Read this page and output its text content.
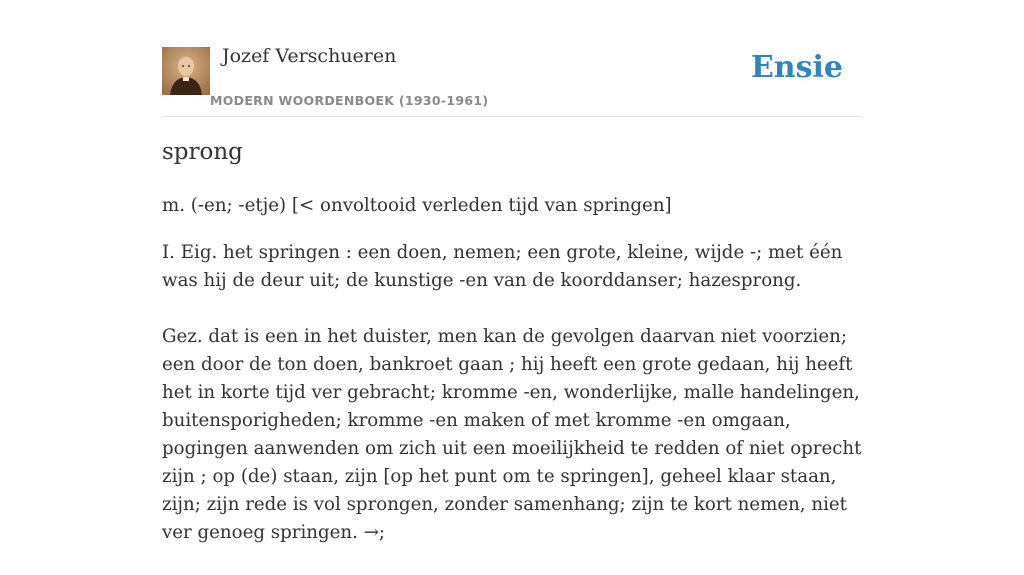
Jozef Verschueren
MODERN WOORDENBOEK (1930-1961)
Ensie
sprong
m. (-en; -etje) [< onvoltooid verleden tijd van springen]

I. Eig. het springen : een doen, nemen; een grote, kleine, wijde -; met één was hij de deur uit; de kunstige -en van de koorddanser; hazesprong.

Gez. dat is een in het duister, men kan de gevolgen daarvan niet voorzien; een door de ton doen, bankroet gaan ; hij heeft een grote gedaan, hij heeft het in korte tijd ver gebracht; kromme -en, wonderlijke, malle handelingen, buitensporigheden; kromme -en maken of met kromme -en omgaan, pogingen aanwenden om zich uit een moeilijkheid te redden of niet oprecht zijn ; op (de) staan, zijn [op het punt om te springen], geheel klaar staan, zijn; zijn rede is vol sprongen, zonder samenhang; zijn te kort nemen, niet ver genoeg springen. →;
